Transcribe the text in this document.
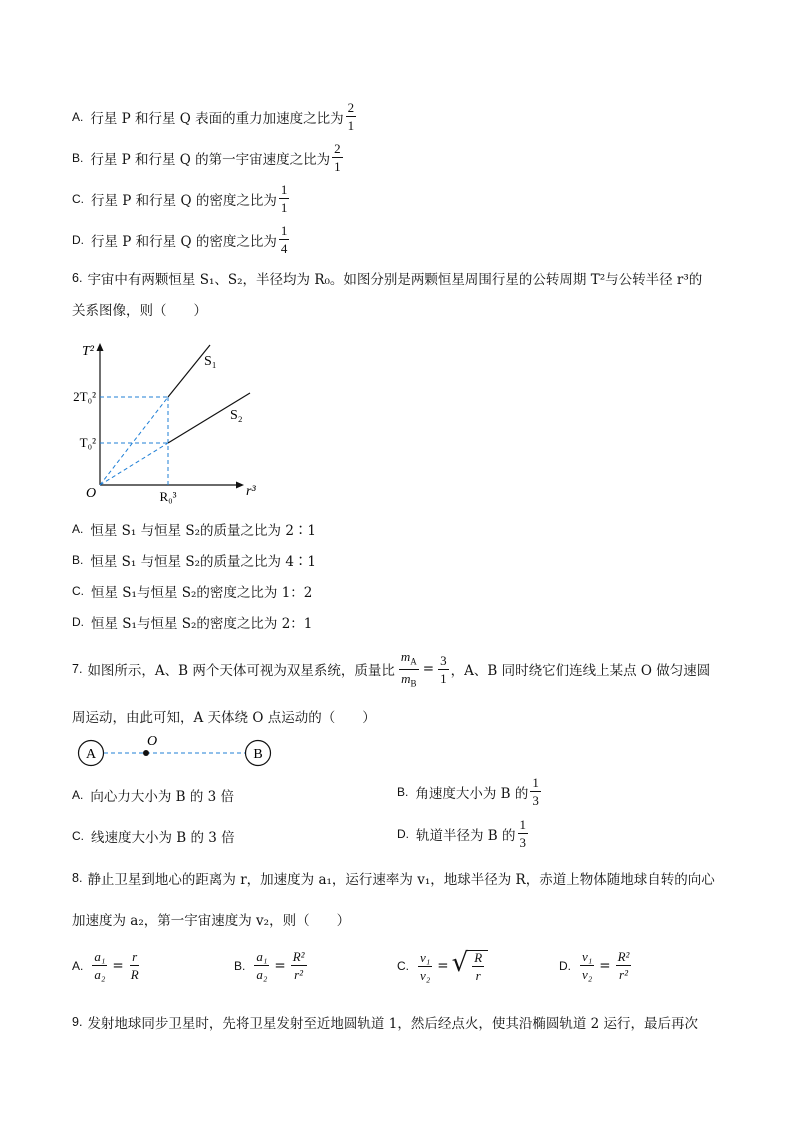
A. 行星 P 和行星 Q 表面的重力加速度之比为 $\frac{2}{1}$
B. 行星 P 和行星 Q 的第一宇宙速度之比为 $\frac{2}{1}$
C. 行星 P 和行星 Q 的密度之比为 $\frac{1}{1}$
D. 行星 P 和行星 Q 的密度之比为 $\frac{1}{4}$
6. 宇宙中有两颗恒星 S₁、S₂，半径均为 R₀。如图分别是两颗恒星周围行星的公转周期 T²与公转半径 r³的
关系图像，则（　　）
T²
r³
O
2T₀²
T₀²
R₀³
S₁
S₂
A. 恒星 S₁ 与恒星 S₂的质量之比为 2∶1
B. 恒星 S₁ 与恒星 S₂的质量之比为 4∶1
C. 恒星 S₁与恒星 S₂的密度之比为 1：2
D. 恒星 S₁与恒星 S₂的密度之比为 2：1
7. 如图所示，A、B 两个天体可视为双星系统，质量比 $\frac{m_A}{m_B} = \frac{3}{1}$ ，A、B 同时绕它们连线上某点 O 做匀速圆
周运动，由此可知，A 天体绕 O 点运动的（　　）
A
O
B
A. 向心力大小为 B 的 3 倍	B. 角速度大小为 B 的 $\frac{1}{3}$
C. 线速度大小为 B 的 3 倍	D. 轨道半径为 B 的 $\frac{1}{3}$
8. 静止卫星到地心的距离为 r，加速度为 a₁，运行速率为 v₁，地球半径为 R，赤道上物体随地球自转的向心
加速度为 a₂，第一宇宙速度为 v₂，则（　　）
A. $\frac{\text{a₁}}{\text{a₂}} = \frac{r}{R}$	B. $\frac{\text{a₁}}{\text{a₂}} = \frac{\text{R²}}{\text{r²}}$	C. $\frac{\text{v₁}}{\text{v₂}}$ = √ $\frac{R}{r}$	D. $\frac{\text{v₁}}{\text{v₂}} = \frac{\text{R²}}{\text{r²}}$
9. 发射地球同步卫星时，先将卫星发射至近地圆轨道 1，然后经点火，使其沿椭圆轨道 2 运行，最后再次
